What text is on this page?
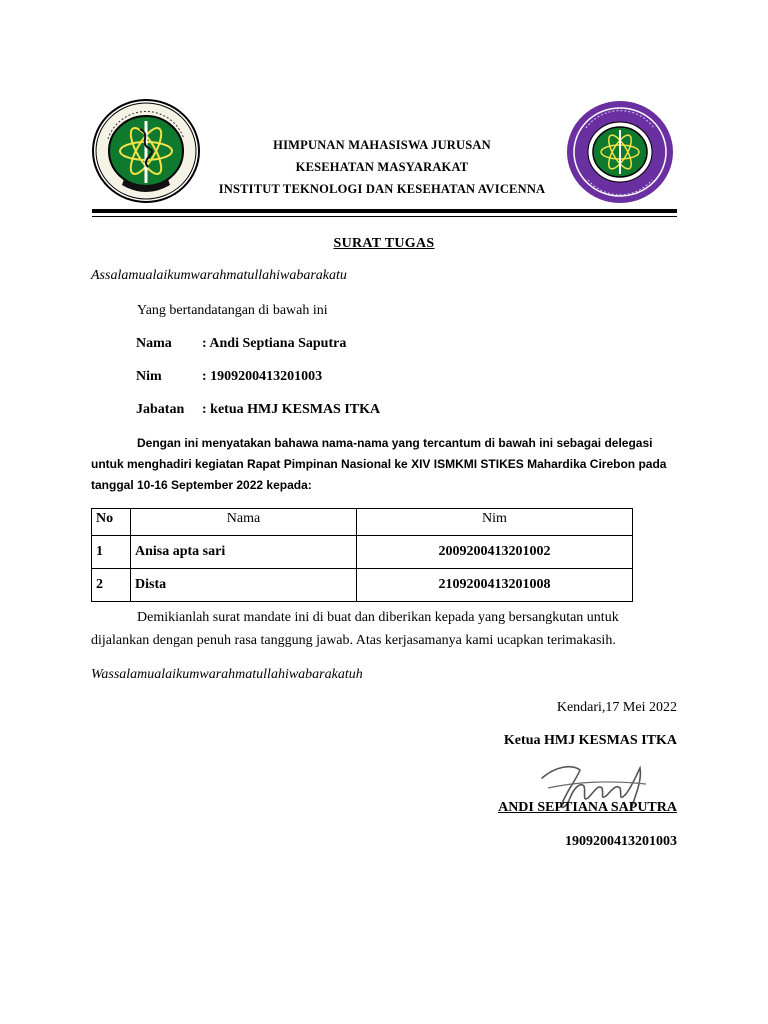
HIMPUNAN MAHASISWA JURUSAN
KESEHATAN MASYARAKAT
INSTITUT TEKNOLOGI DAN KESEHATAN AVICENNA
SURAT TUGAS
Assalamualaikumwarahmatullahiwabarakatu
Yang bertandatangan di bawah ini
Nama : Andi Septiana Saputra
Nim	: 1909200413201003
Jabatan : ketua HMJ KESMAS ITKA
Dengan ini menyatakan bahawa nama-nama yang tercantum di bawah ini sebagai delegasi
untuk menghadiri kegiatan Rapat Pimpinan Nasional ke XIV ISMKMI STIKES Mahardika Cirebon pada
tanggal 10-16 September 2022 kepada:
No	Nama	Nim
1	Anisa apta sari	2009200413201002
2	Dista	2109200413201008
Demikianlah surat mandate ini di buat dan diberikan kepada yang bersangkutan untuk
dijalankan dengan penuh rasa tanggung jawab. Atas kerjasamanya kami ucapkan terimakasih.
Wassalamualaikumwarahmatullahiwabarakatuh
Kendari,17 Mei 2022
Ketua HMJ KESMAS ITKA
ANDI SEPTIANA SAPUTRA
1909200413201003
